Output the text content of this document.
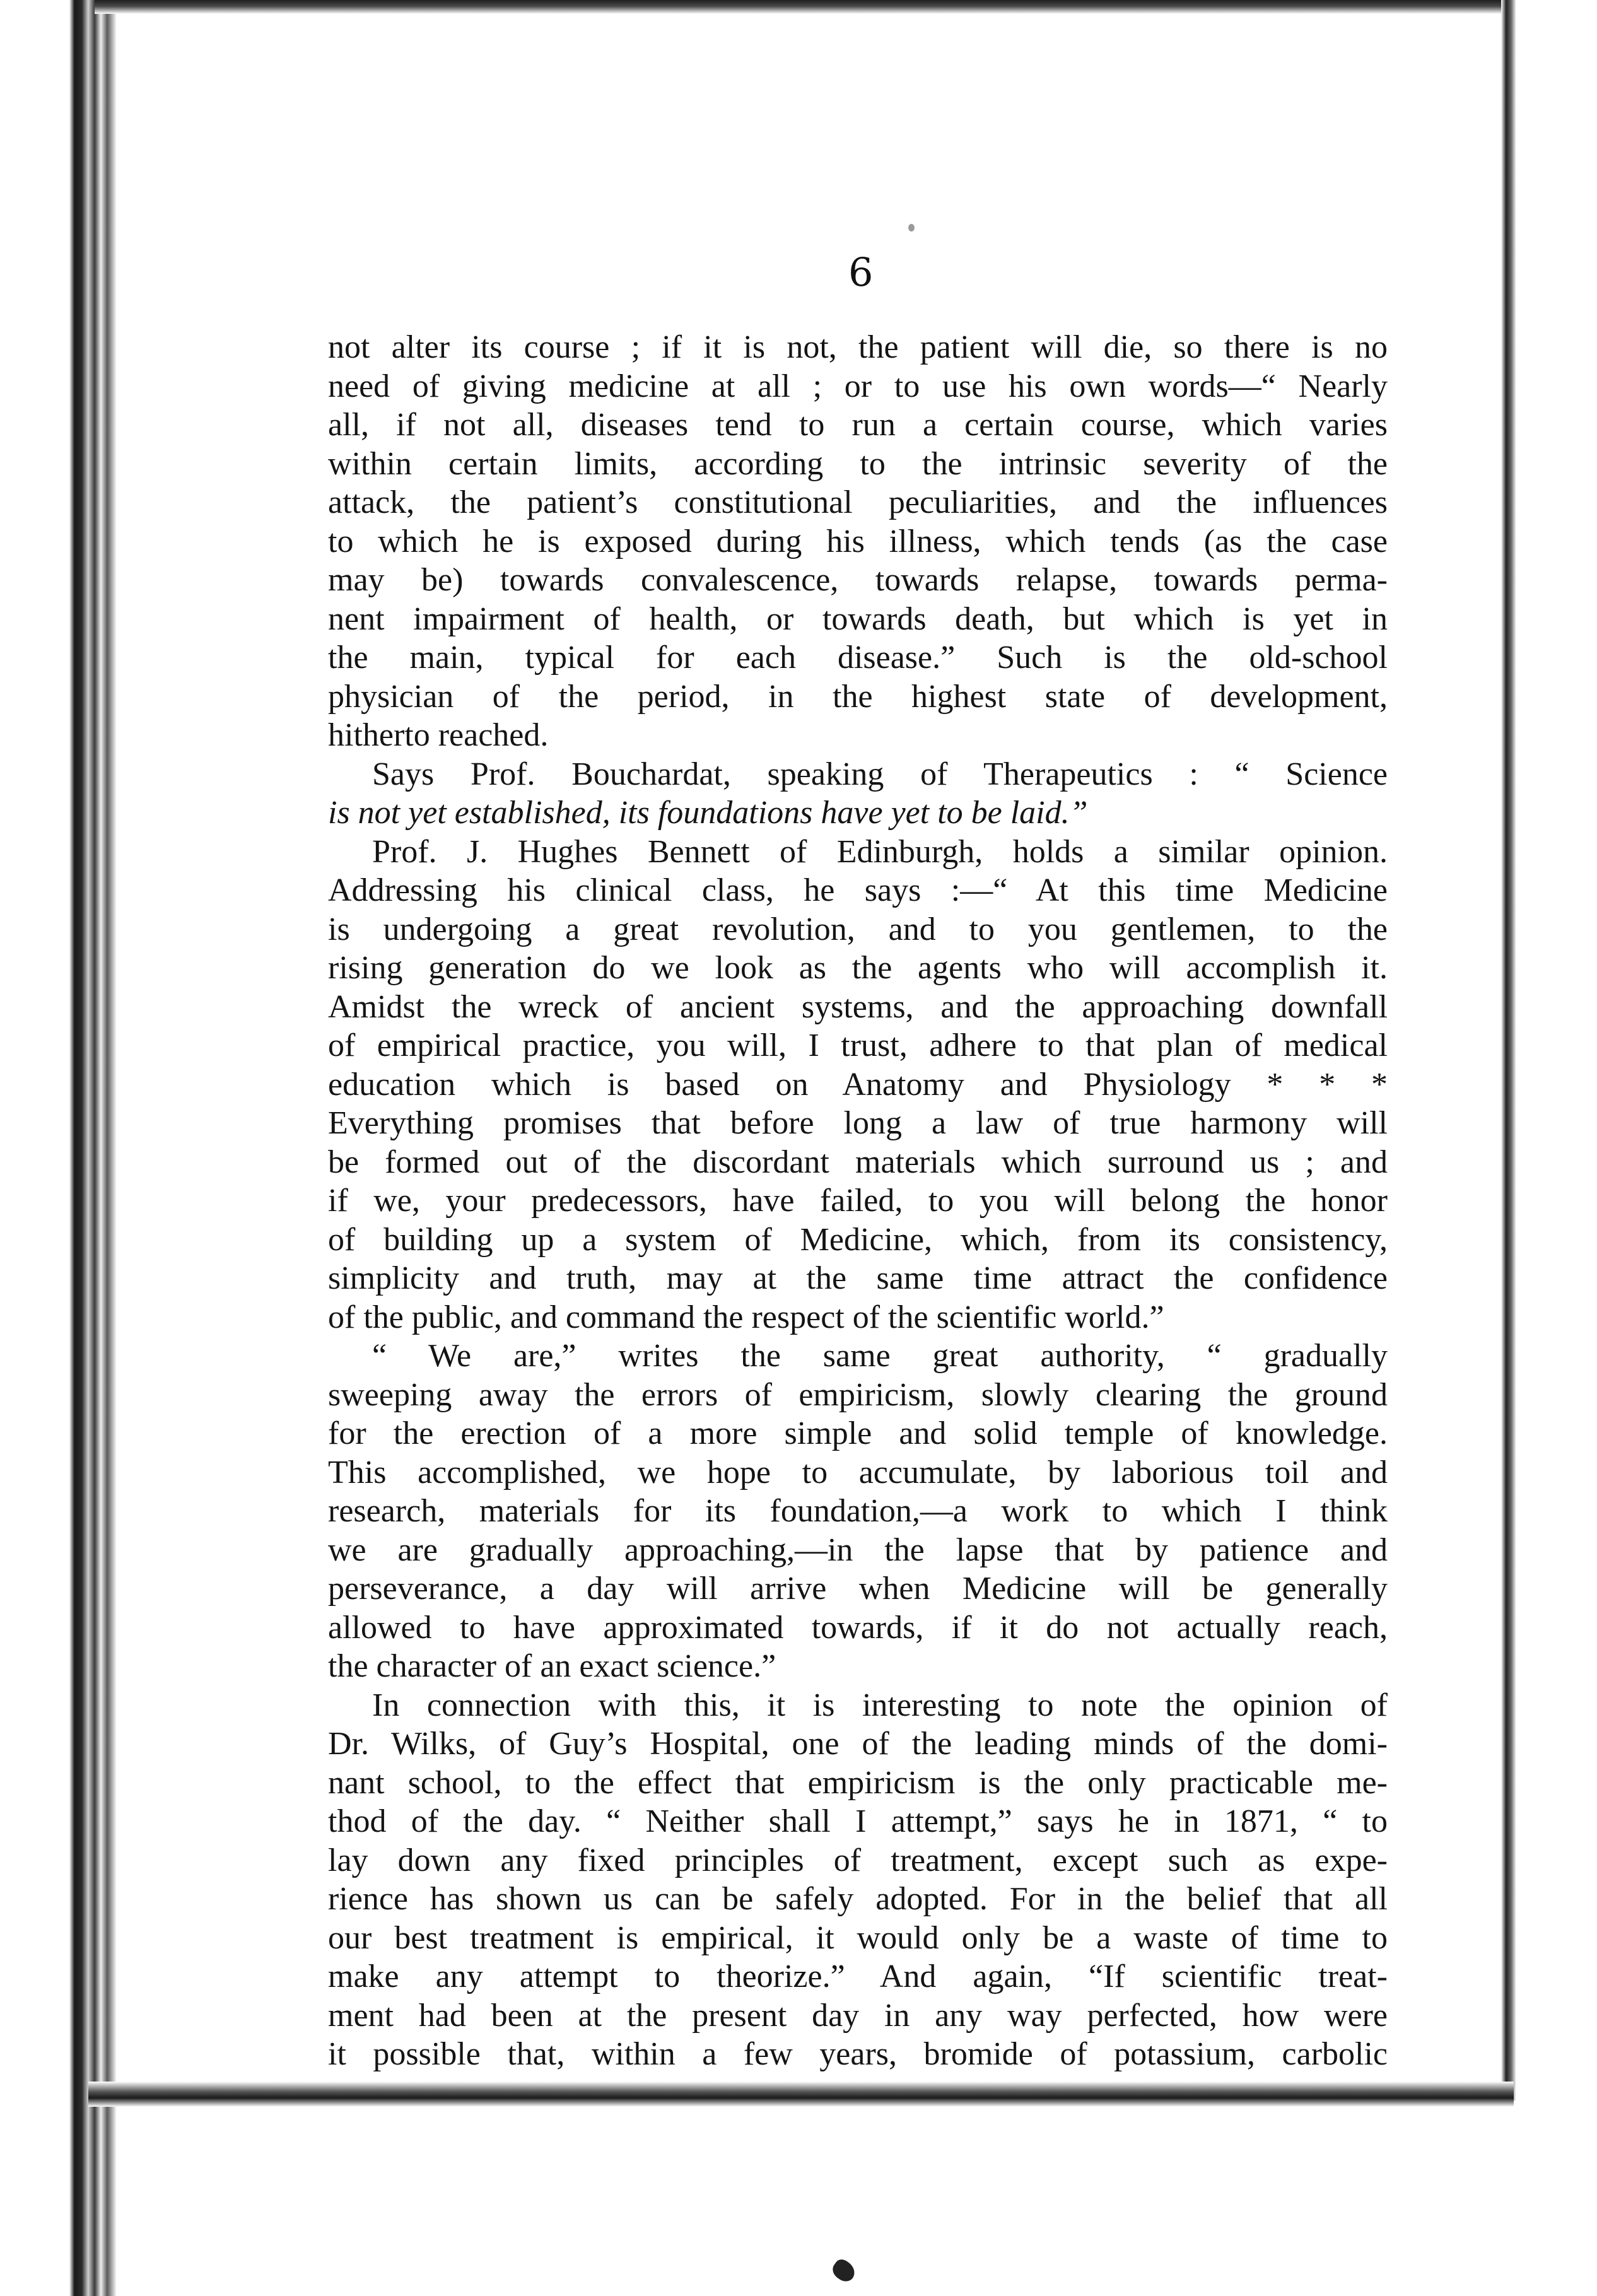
6
not alter its course ; if it is not, the patient will die, so there is no
need of giving medicine at all ; or to use his own words—“ Nearly
all, if not all, diseases tend to run a certain course, which varies
within certain limits, according to the intrinsic severity of the
attack, the patient’s constitutional peculiarities, and the influences
to which he is exposed during his illness, which tends (as the case
may be) towards convalescence, towards relapse, towards perma-
nent impairment of health, or towards death, but which is yet in
the main, typical for each disease.” Such is the old-school
physician of the period, in the highest state of development,
hitherto reached.
Says Prof. Bouchardat, speaking of Therapeutics : “ Science
is not yet established, its foundations have yet to be laid.”
Prof. J. Hughes Bennett of Edinburgh, holds a similar opinion.
Addressing his clinical class, he says :—“ At this time Medicine
is undergoing a great revolution, and to you gentlemen, to the
rising generation do we look as the agents who will accomplish it.
Amidst the wreck of ancient systems, and the approaching downfall
of empirical practice, you will, I trust, adhere to that plan of medical
education which is based on Anatomy and Physiology * * *
Everything promises that before long a law of true harmony will
be formed out of the discordant materials which surround us ; and
if we, your predecessors, have failed, to you will belong the honor
of building up a system of Medicine, which, from its consistency,
simplicity and truth, may at the same time attract the confidence
of the public, and command the respect of the scientific world.”
“ We are,” writes the same great authority, “ gradually
sweeping away the errors of empiricism, slowly clearing the ground
for the erection of a more simple and solid temple of knowledge.
This accomplished, we hope to accumulate, by laborious toil and
research, materials for its foundation,—a work to which I think
we are gradually approaching,—in the lapse that by patience and
perseverance, a day will arrive when Medicine will be generally
allowed to have approximated towards, if it do not actually reach,
the character of an exact science.”
In connection with this, it is interesting to note the opinion of
Dr. Wilks, of Guy’s Hospital, one of the leading minds of the domi-
nant school, to the effect that empiricism is the only practicable me-
thod of the day. “ Neither shall I attempt,” says he in 1871, “ to
lay down any fixed principles of treatment, except such as expe-
rience has shown us can be safely adopted. For in the belief that all
our best treatment is empirical, it would only be a waste of time to
make any attempt to theorize.” And again, “If scientific treat-
ment had been at the present day in any way perfected, how were
it possible that, within a few years, bromide of potassium, carbolic
